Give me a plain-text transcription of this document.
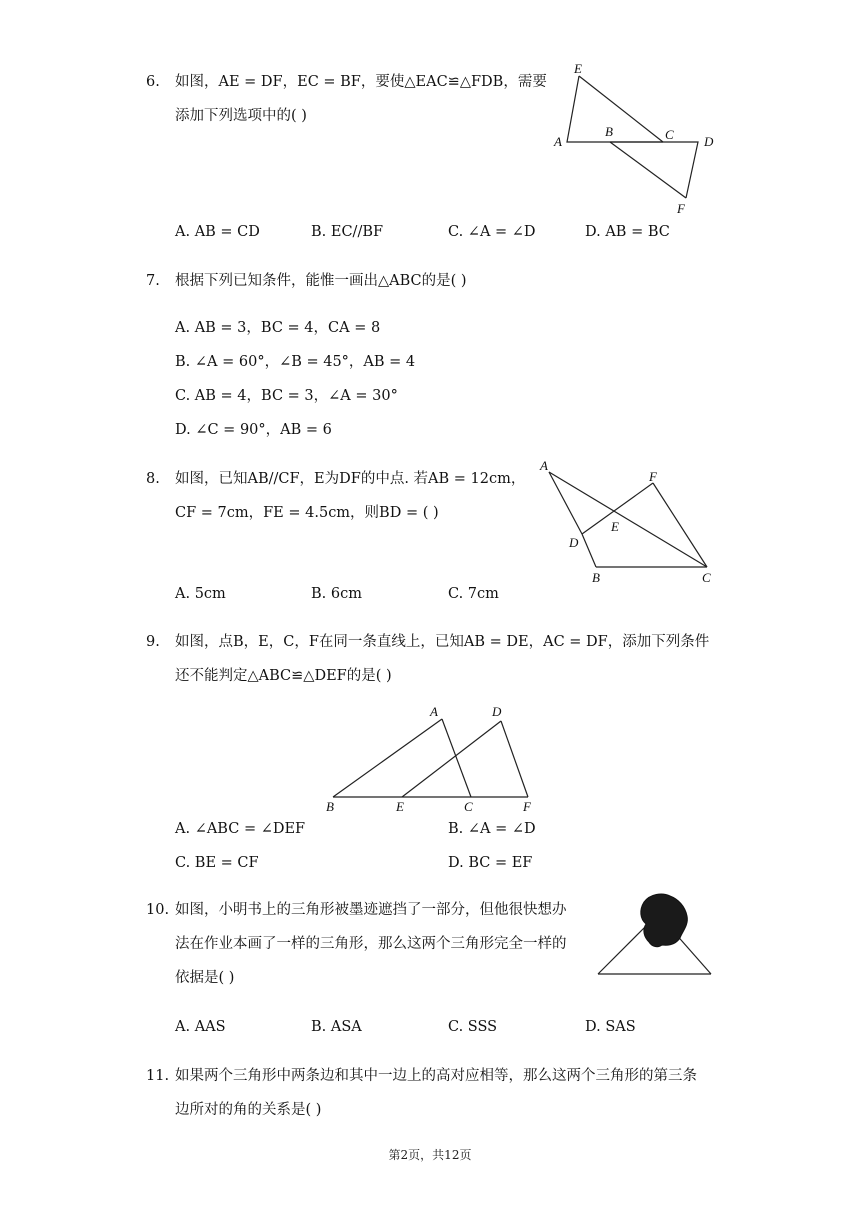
6. 如图，AE = DF，EC = BF，要使△EAC≌△FDB，需要
添加下列选项中的( )
E
A
B	C D
F
A. AB = CD	B. EC//BF	C. ∠A = ∠D	D. AB = BC
7. 根据下列已知条件，能惟一画出△ABC的是( )
A. AB = 3，BC = 4，CA = 8
B. ∠A = 60°，∠B = 45°，AB = 4
C. AB = 4，BC = 3，∠A = 30°
D. ∠C = 90°，AB = 6
8. 如图，已知AB//CF，E为DF的中点. 若AB = 12cm，
CF = 7cm，FE = 4.5cm，则BD = ( )
A
F
E
D
B	C
A. 5cm	B. 6cm	C. 7cm
9. 如图，点B，E，C，F在同一条直线上，已知AB = DE，AC = DF，添加下列条件
还不能判定△ABC≌△DEF的是( )
A	D
B	E	C	F
A. ∠ABC = ∠DEF	B. ∠A = ∠D
C. BE = CF	D. BC = EF
10. 如图，小明书上的三角形被墨迹遮挡了一部分，但他很快想办
法在作业本画了一样的三角形，那么这两个三角形完全一样的
依据是( )
A. AAS	B. ASA	C. SSS	D. SAS
11. 如果两个三角形中两条边和其中一边上的高对应相等，那么这两个三角形的第三条
边所对的角的关系是( )
第2页，共12页
